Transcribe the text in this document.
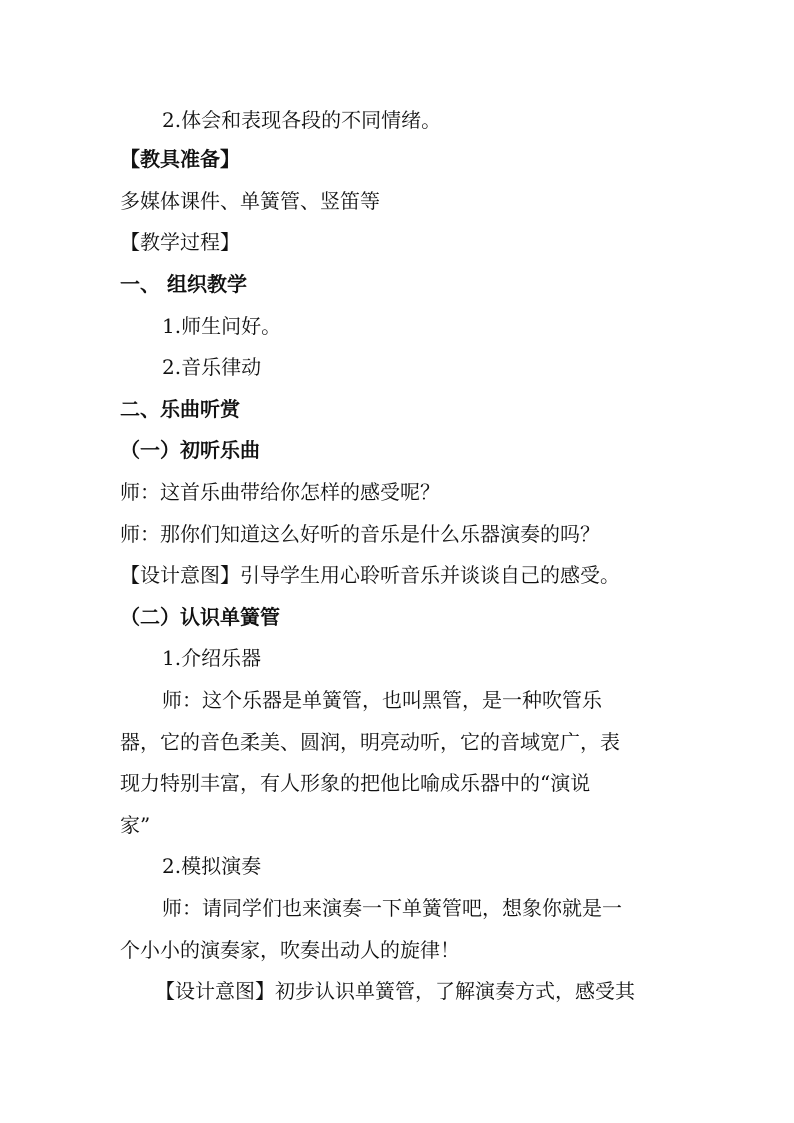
2.体会和表现各段的不同情绪。
【教具准备】
多媒体课件、单簧管、竖笛等
【教学过程】
一、 组织教学
1.师生问好。
2.音乐律动
二、乐曲听赏
（一）初听乐曲
师：这首乐曲带给你怎样的感受呢？
师：那你们知道这么好听的音乐是什么乐器演奏的吗？
【设计意图】引导学生用心聆听音乐并谈谈自己的感受。
（二）认识单簧管
1.介绍乐器
师：这个乐器是单簧管，也叫黑管，是一种吹管乐
器，它的音色柔美、圆润，明亮动听，它的音域宽广，表
现力特别丰富，有人形象的把他比喻成乐器中的“演说
家”
2.模拟演奏
师：请同学们也来演奏一下单簧管吧，想象你就是一
个小小的演奏家，吹奏出动人的旋律！
【设计意图】初步认识单簧管，了解演奏方式，感受其
